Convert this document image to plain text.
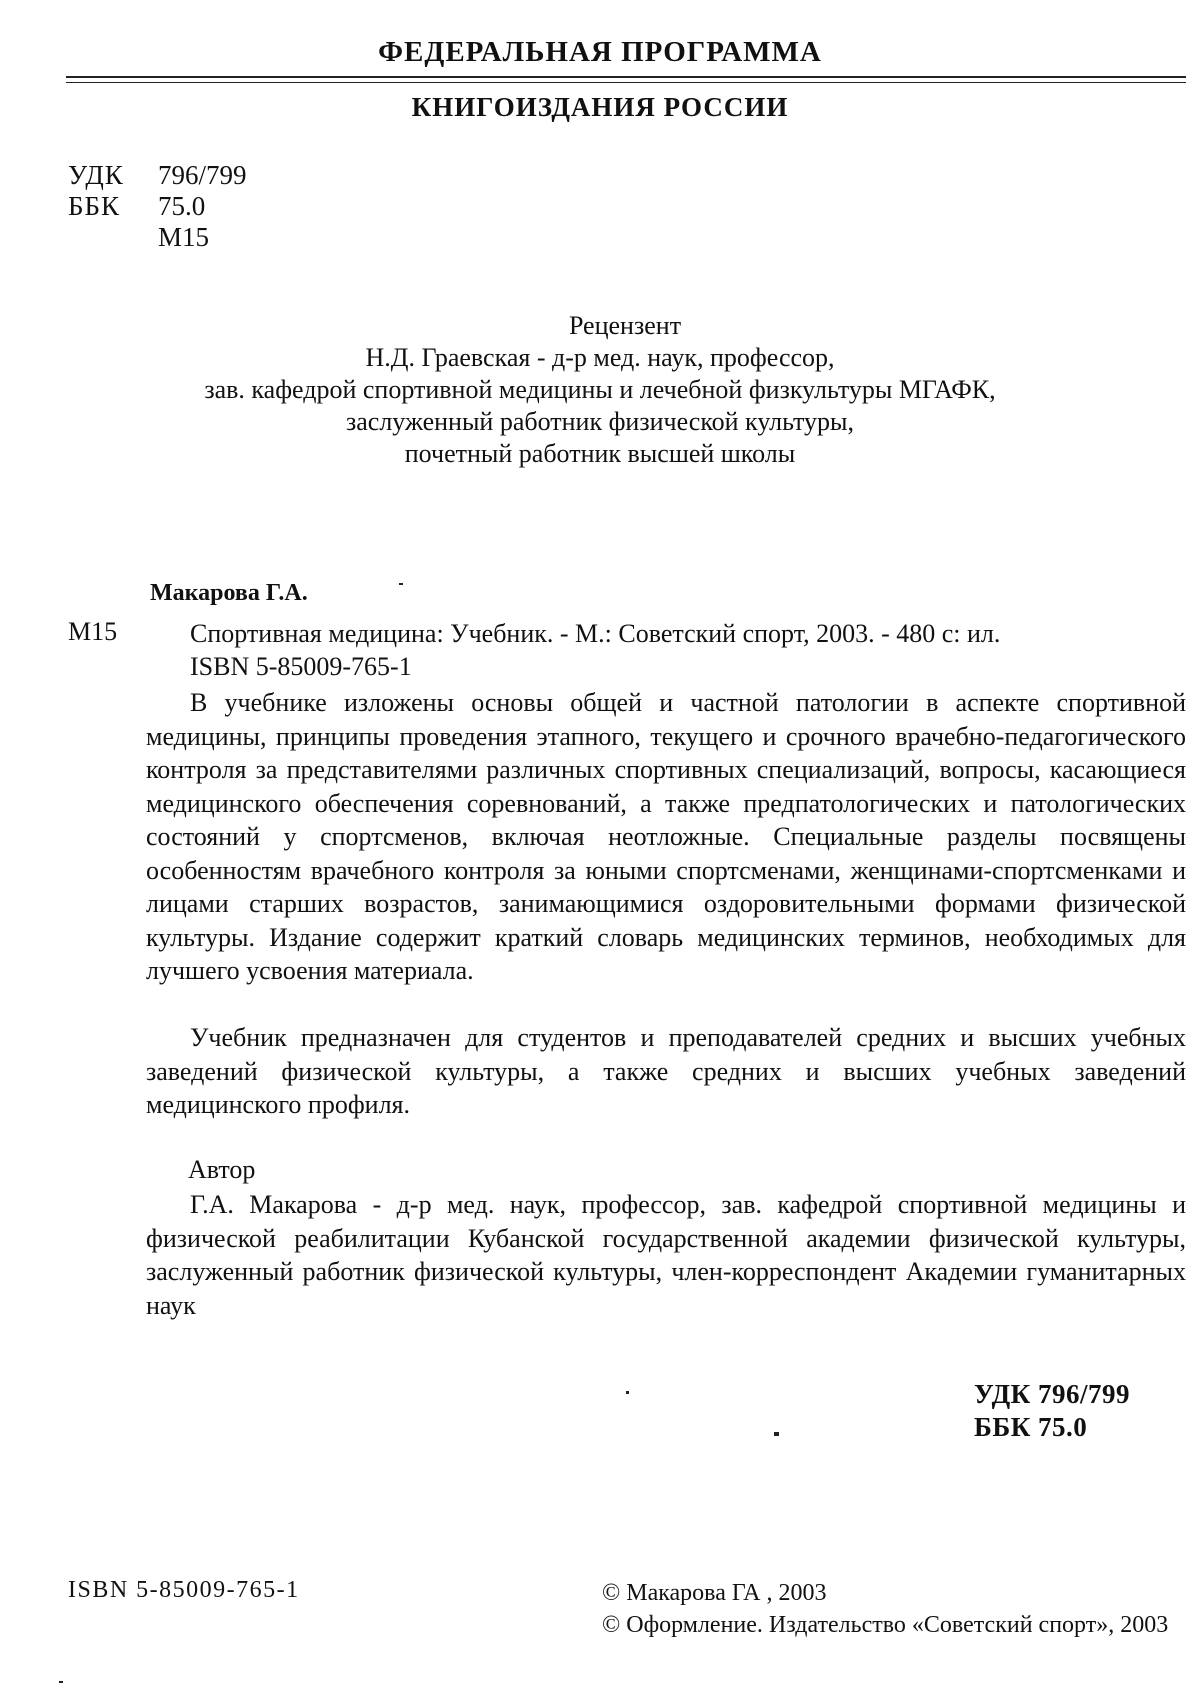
ФЕДЕРАЛЬНАЯ ПРОГРАММА
КНИГОИЗДАНИЯ РОССИИ
УДК 796/799
ББК 75.0
М15
Рецензент
Н.Д. Граевская - д-р мед. наук, профессор,
зав. кафедрой спортивной медицины и лечебной физкультуры МГАФК,
заслуженный работник физической культуры,
почетный работник высшей школы
Макарова Г.А.
М15	Спортивная медицина: Учебник. - М.: Советский спорт, 2003. - 480 с: ил.
ISBN 5-85009-765-1
В учебнике изложены основы общей и частной патологии в аспекте спортивной медицины, принципы проведения этапного, текущего и срочного врачебно-педагогического контроля за представителями различных спортивных специализаций, вопросы, касающиеся медицинского обеспечения соревнований, а также предпатологических и патологических состояний у спортсменов, включая неотложные. Специальные разделы посвящены особенностям врачебного контроля за юными спортсменами, женщинами-спортсменками и лицами старших возрастов, занимающимися оздоровительными формами физической культуры. Издание содержит краткий словарь медицинских терминов, необходимых для лучшего усвоения материала.
Учебник предназначен для студентов и преподавателей средних и высших учебных заведений физической культуры, а также средних и высших учебных заведений медицинского профиля.
Автор
Г.А. Макарова - д-р мед. наук, профессор, зав. кафедрой спортивной медицины и физической реабилитации Кубанской государственной академии физической культуры, заслуженный работник физической культуры, член-корреспондент Академии гуманитарных наук
УДК 796/799
ББК 75.0
ISBN 5-85009-765-1	© Макарова ГА , 2003
© Оформление. Издательство «Советский спорт», 2003
